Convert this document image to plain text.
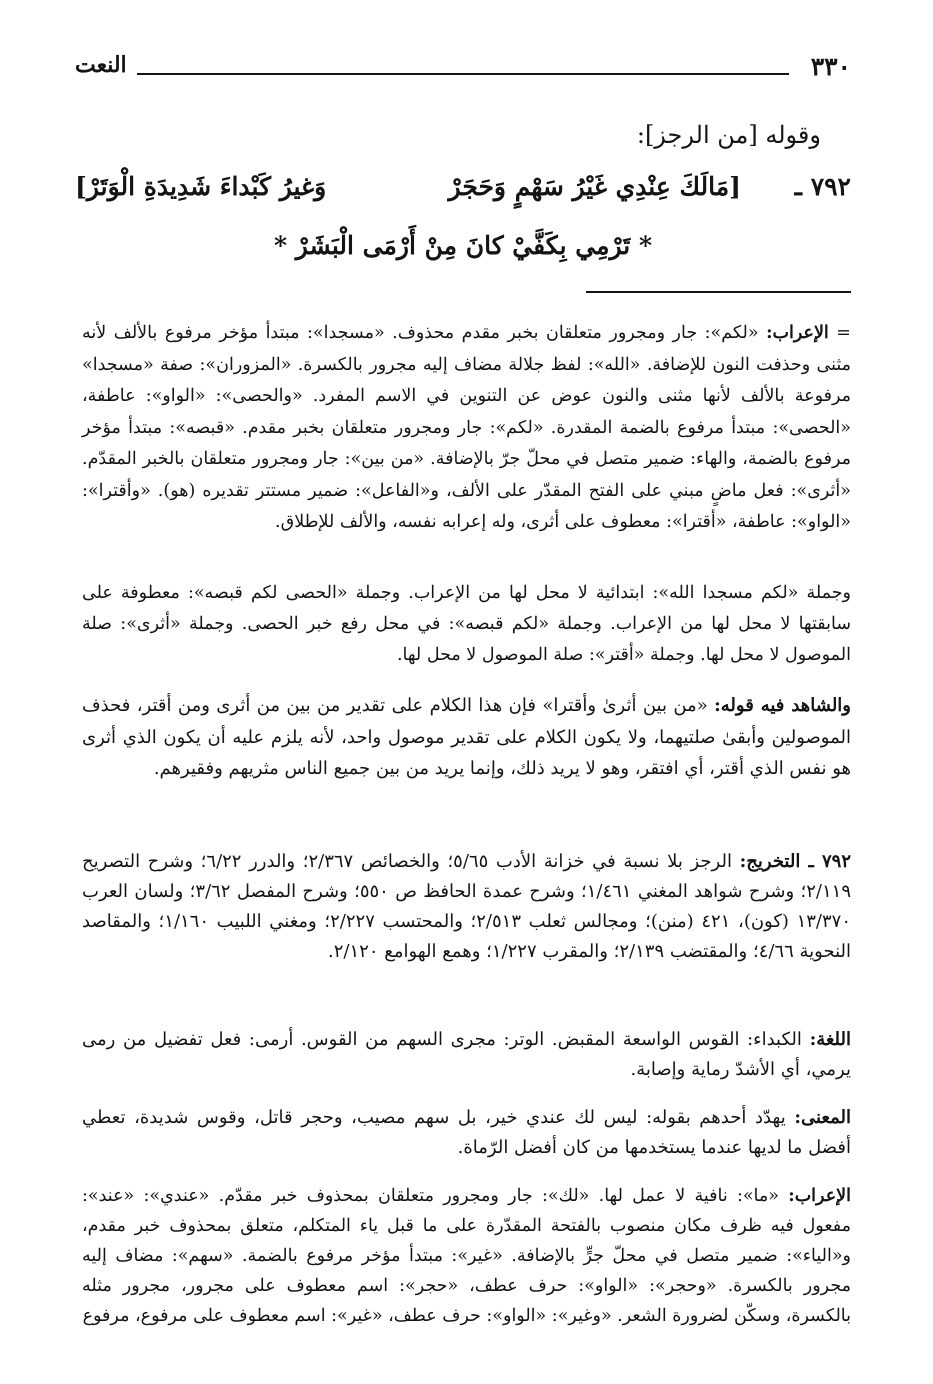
٣٣٠
النعت

وقوله [من الرجز]:

٧٩٢ ـ
[مَالَكَ عِنْدِي غَيْرُ سَهْمٍ وَحَجَرْ
وَغيرُ كَبْداءَ شَدِيدَةِ الْوَتَرْ]

* تَرْمِي بِكَفَّيْ كانَ مِنْ أَرْمَى الْبَشَرْ *

= الإعراب: «لكم»: جار ومجرور متعلقان بخبر مقدم محذوف. «مسجدا»: مبتدأ مؤخر مرفوع بالألف لأنه مثنى وحذفت النون للإضافة. «الله»: لفظ جلالة مضاف إليه مجرور بالكسرة. «المزوران»: صفة «مسجدا» مرفوعة بالألف لأنها مثنى والنون عوض عن التنوين في الاسم المفرد. «والحصى»: «الواو»: عاطفة، «الحصى»: مبتدأ مرفوع بالضمة المقدرة. «لكم»: جار ومجرور متعلقان بخبر مقدم. «قبصه»: مبتدأ مؤخر مرفوع بالضمة، والهاء: ضمير متصل في محلّ جرّ بالإضافة. «من بين»: جار ومجرور متعلقان بالخبر المقدّم. «أثرى»: فعل ماضٍ مبني على الفتح المقدّر على الألف، و«الفاعل»: ضمير مستتر تقديره (هو). «وأقترا»: «الواو»: عاطفة، «أقترا»: معطوف على أثرى، وله إعرابه نفسه، والألف للإطلاق.

وجملة «لكم مسجدا الله»: ابتدائية لا محل لها من الإعراب. وجملة «الحصى لكم قبصه»: معطوفة على سابقتها لا محل لها من الإعراب. وجملة «لكم قبصه»: في محل رفع خبر الحصى. وجملة «أثرى»: صلة الموصول لا محل لها. وجملة «أقتر»: صلة الموصول لا محل لها.

والشاهد فيه قوله: «من بين أثرىٰ وأقترا» فإن هذا الكلام على تقدير من بين من أثرى ومن أقتر، فحذف الموصولين وأبقىٰ صلتيهما، ولا يكون الكلام على تقدير موصول واحد، لأنه يلزم عليه أن يكون الذي أثرى هو نفس الذي أقتر، أي افتقر، وهو لا يريد ذلك، وإنما يريد من بين جميع الناس مثريهم وفقيرهم.

٧٩٢ ـ التخريج: الرجز بلا نسبة في خزانة الأدب ٥/٦٥؛ والخصائص ٢/٣٦٧؛ والدرر ٦/٢٢؛ وشرح التصريح ٢/١١٩؛ وشرح شواهد المغني ١/٤٦١؛ وشرح عمدة الحافظ ص ٥٥٠؛ وشرح المفصل ٣/٦٢؛ ولسان العرب ١٣/٣٧٠ (كون)، ٤٢١ (منن)؛ ومجالس ثعلب ٢/٥١٣؛ والمحتسب ٢/٢٢٧؛ ومغني اللبيب ١/١٦٠؛ والمقاصد النحوية ٤/٦٦؛ والمقتضب ٢/١٣٩؛ والمقرب ١/٢٢٧؛ وهمع الهوامع ٢/١٢٠.

اللغة: الكبداء: القوس الواسعة المقبض. الوتر: مجرى السهم من القوس. أرمى: فعل تفضيل من رمى يرمي، أي الأشدّ رماية وإصابة.

المعنى: يهدّد أحدهم بقوله: ليس لك عندي خير، بل سهم مصيب، وحجر قاتل، وقوس شديدة، تعطي أفضل ما لديها عندما يستخدمها من كان أفضل الرّماة.

الإعراب: «ما»: نافية لا عمل لها. «لك»: جار ومجرور متعلقان بمحذوف خبر مقدّم. «عندي»: «عند»: مفعول فيه ظرف مكان منصوب بالفتحة المقدّرة على ما قبل ياء المتكلم، متعلق بمحذوف خبر مقدم، و«الياء»: ضمير متصل في محلّ جرٍّ بالإضافة. «غير»: مبتدأ مؤخر مرفوع بالضمة. «سهم»: مضاف إليه مجرور بالكسرة. «وحجر»: «الواو»: حرف عطف، «حجر»: اسم معطوف على مجرور، مجرور مثله بالكسرة، وسكّن لضرورة الشعر. «وغير»: «الواو»: حرف عطف، «غير»: اسم معطوف على مرفوع، مرفوع
